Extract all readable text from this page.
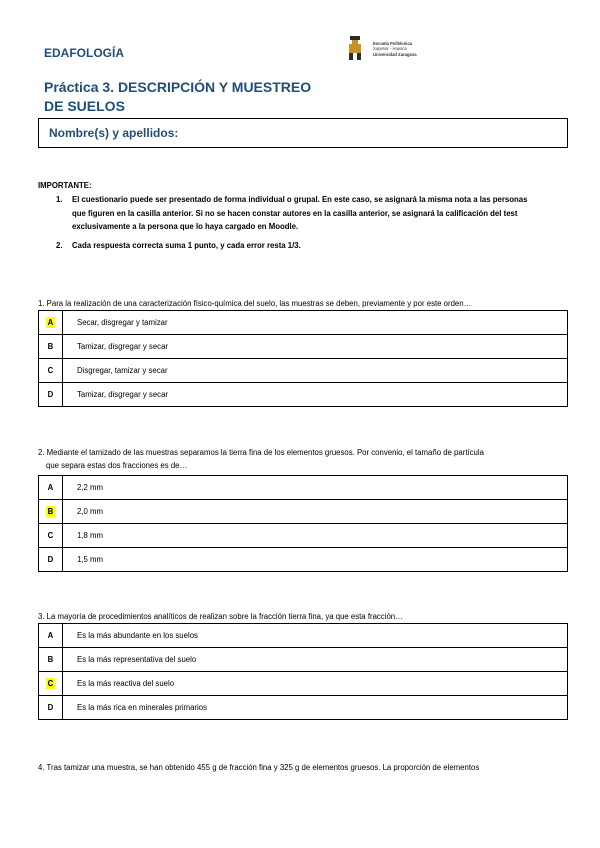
EDAFOLOGÍA
Escuela Politécnica
Superior - Huesca
Universidad Zaragoza
Práctica 3. DESCRIPCIÓN Y MUESTREO
DE SUELOS
Nombre(s) y apellidos:
IMPORTANTE:
1. El cuestionario puede ser presentado de forma individual o grupal. En este caso, se asignará la misma nota a las personas
que figuren en la casilla anterior. Si no se hacen constar autores en la casilla anterior, se asignará la calificación del test
exclusivamente a la persona que lo haya cargado en Moodle.
2. Cada respuesta correcta suma 1 punto, y cada error resta 1/3.
1. Para la realización de una caracterización físico-química del suelo, las muestras se deben, previamente y por este orden…
A	Secar, disgregar y tamizar
B	Tamizar, disgregar y secar
C	Disgregar, tamizar y secar
D	Tamizar, disgregar y secar
2. Mediante el tamizado de las muestras separamos la tierra fina de los elementos gruesos. Por convenio, el tamaño de partícula
que separa estas dos fracciones es de…
A	2,2 mm
B	2,0 mm
C	1,8 mm
D	1,5 mm
3. La mayoría de procedimientos analíticos de realizan sobre la fracción tierra fina, ya que esta fracción…
A	Es la más abundante en los suelos
B	Es la más representativa del suelo
C	Es la más reactiva del suelo
D	Es la más rica en minerales primarios
4. Tras tamizar una muestra, se han obtenido 455 g de fracción fina y 325 g de elementos gruesos. La proporción de elementos
